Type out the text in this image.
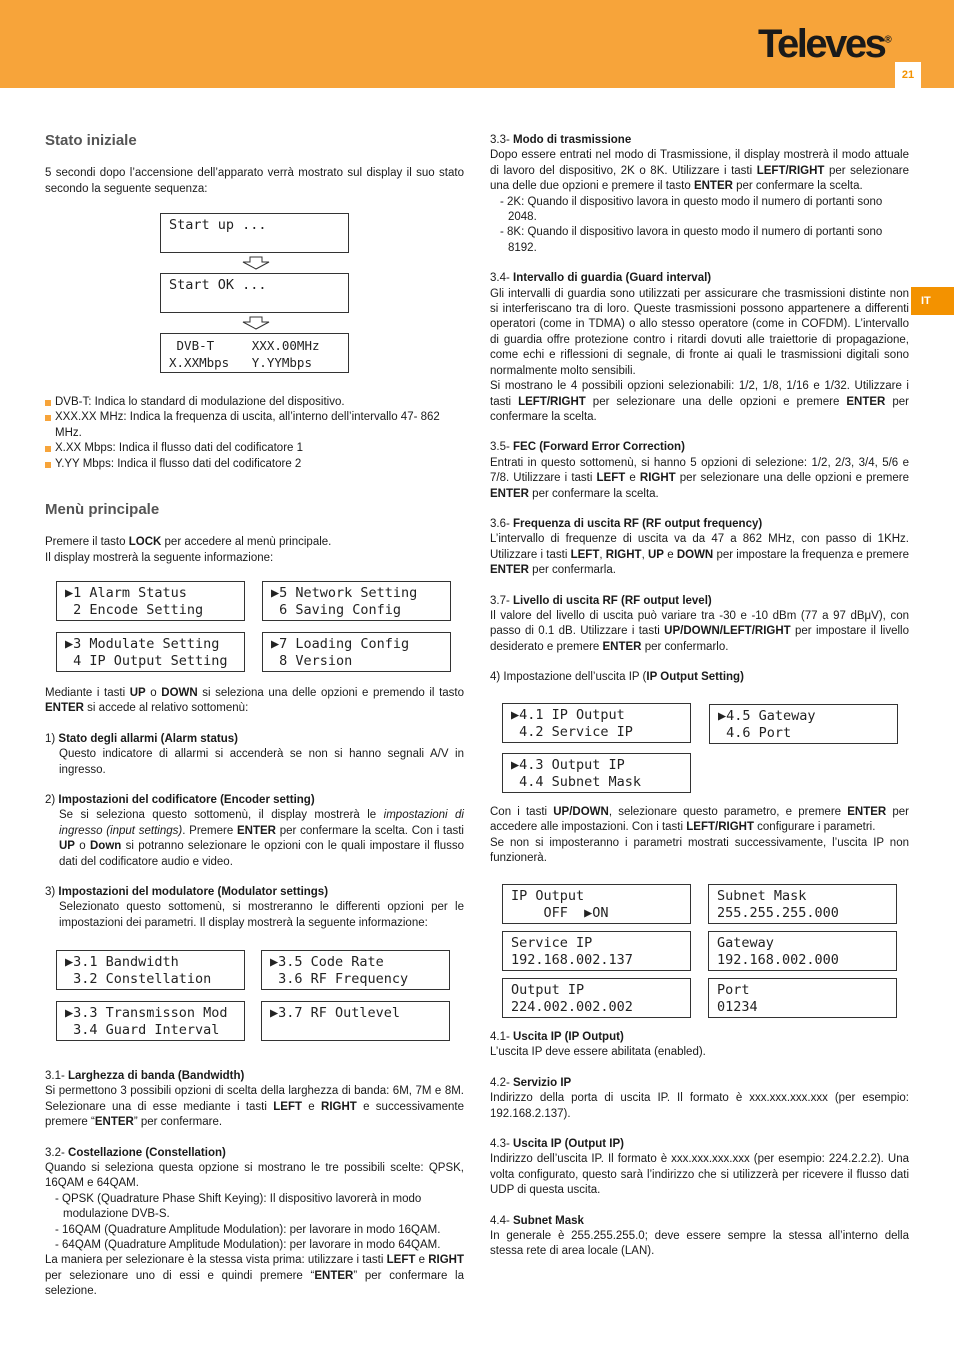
Televes®
21
IT
Stato iniziale

5 secondi dopo l’accensione dell’apparato verrà mostrato sul display il suo stato secondo la seguente sequenza:

Start up ...

Start OK ...

DVB-T     XXX.00MHz
X.XXMbps   Y.YYMbps
DVB-T: Indica lo standard di modulazione del dispositivo.
XXX.XX MHz: Indica la frequenza di uscita, all’interno dell’intervallo 47- 862 MHz.
X.XX Mbps: Indica il flusso dati del codificatore 1
Y.YY Mbps: Indica il flusso dati del codificatore 2
Menù principale
Premere il tasto LOCK per accedere al menù principale.
Il display mostrerà la seguente informazione:
▶1 Alarm Status
2 Encode Setting
▶5 Network Setting
6 Saving Config
▶3 Modulate Setting
4 IP Output Setting
▶7 Loading Config
8 Version

Mediante i tasti UP o DOWN si seleziona una delle opzioni e premendo il tasto ENTER si accede al relativo sottomenù:

1) Stato degli allarmi (Alarm status)

Questo indicatore di allarmi si accenderà se non si hanno segnali A/V in ingresso.

2) Impostazioni del codificatore (Encoder setting)

Se si seleziona questo sottomenù, il display mostrerà le impostazioni di ingresso (input settings). Premere ENTER per confermare la scelta. Con i tasti UP o Down si potranno selezionare le opzioni con le quali impostare il flusso dati del codificatore audio e video.

3) Impostazioni del modulatore (Modulator settings)

Selezionato questo sottomenù, si mostreranno le differenti opzioni per le impostazioni dei parametri. Il display mostrerà la seguente informazione:

▶3.1 Bandwidth
3.2 Constellation
▶3.5 Code Rate
3.6 RF Frequency
▶3.3 Transmisson Mod
3.4 Guard Interval
▶3.7 RF Outlevel

3.1- Larghezza di banda (Bandwidth)

Si permettono 3 possibili opzioni di scelta della larghezza di banda: 6M, 7M e 8M. Selezionare una di esse mediante i tasti LEFT e RIGHT e successivamente premere “ENTER” per confermare.

3.2- Costellazione (Constellation)
Quando si seleziona questa opzione si mostrano le tre possibili scelte: QPSK, 16QAM e 64QAM.
- QPSK (Quadrature Phase Shift Keying): Il dispositivo lavorerà in modo modulazione DVB-S.
- 16QAM (Quadrature Amplitude Modulation): per lavorare in modo 16QAM.
- 64QAM (Quadrature Amplitude Modulation): per lavorare in modo 64QAM.

La maniera per selezionare è la stessa vista prima: utilizzare i tasti LEFT e RIGHT per selezionare uno di essi e quindi premere “ENTER” per confermare la selezione.

3.3- Modo di trasmissione
Dopo essere entrati nel modo di Trasmissione, il display mostrerà il modo attuale di lavoro del dispositivo, 2K o 8K. Utilizzare i tasti LEFT/RIGHT per selezionare una delle due opzioni e premere il tasto ENTER per confermare la scelta.
- 2K: Quando il dispositivo lavora in questo modo il numero di portanti sono 2048.
- 8K: Quando il dispositivo lavora in questo modo il numero di portanti sono 8192.
3.4- Intervallo di guardia (Guard interval)
Gli intervalli di guardia sono utilizzati per assicurare che trasmissioni distinte non si interferiscano tra di loro. Queste trasmissioni possono appartenere a differenti operatori (come in TDMA) o allo stesso operatore (come in COFDM). L’intervallo di guardia offre protezione contro i ritardi dovuti alle traiettorie di propagazione, come echi e riflessioni di segnale, di fronte ai quali le trasmissioni digitali sono normalmente molto sensibili.

Si mostrano le 4 possibili opzioni selezionabili: 1/2, 1/8, 1/16 e 1/32. Utilizzare i tasti LEFT/RIGHT per selezionare una delle opzioni e premere ENTER per confermare la scelta.

3.5- FEC (Forward Error Correction)

Entrati in questo sottomenù, si hanno 5 opzioni di selezione: 1/2, 2/3, 3/4, 5/6 e 7/8. Utilizzare i tasti LEFT e RIGHT per selezionare una delle opzioni e premere ENTER per confermare la scelta.

3.6- Frequenza di uscita RF (RF output frequency)

L’intervallo di frequenze di uscita va da 47 a 862 MHz, con passo di 1KHz. Utilizzare i tasti LEFT, RIGHT, UP e DOWN per impostare la frequenza e premere ENTER per confermarla.

3.7- Livello di uscita RF (RF output level)

Il valore del livello di uscita può variare tra -30 e -10 dBm (77 a 97 dBμV), con passo di 0.1 dB. Utilizzare i tasti UP/DOWN/LEFT/RIGHT per impostare il livello desiderato e premere ENTER per confermarlo.

4) Impostazione dell’uscita IP (IP Output Setting)
▶4.1 IP Output
4.2 Service IP
▶4.5 Gateway
4.6 Port
▶4.3 Output IP
4.4 Subnet Mask
Con i tasti UP/DOWN, selezionare questo parametro, e premere ENTER per accedere alle impostazioni. Con i tasti LEFT/RIGHT configurare i parametri.
Se non si imposteranno i parametri mostrati successivamente, l’uscita IP non funzionerà.
IP Output
OFF  ▶ON
Subnet Mask
255.255.255.000
Service IP
192.168.002.137
Gateway
192.168.002.000
Output IP
224.002.002.002
Port
01234
4.1- Uscita IP (IP Output)

L’uscita IP deve essere abilitata (enabled).

4.2- Servizio IP

Indirizzo della porta di uscita IP. Il formato è xxx.xxx.xxx.xxx (per esempio: 192.168.2.137).

4.3- Uscita IP (Output IP)

Indirizzo dell’uscita IP. Il formato è xxx.xxx.xxx.xxx (per esempio: 224.2.2.2). Una volta configurato, questo sarà l’indirizzo che si utilizzerà per ricevere il flusso dati UDP di questa uscita.

4.4- Subnet Mask

In generale è 255.255.255.0; deve essere sempre la stessa all’interno della stessa rete di area locale (LAN).
